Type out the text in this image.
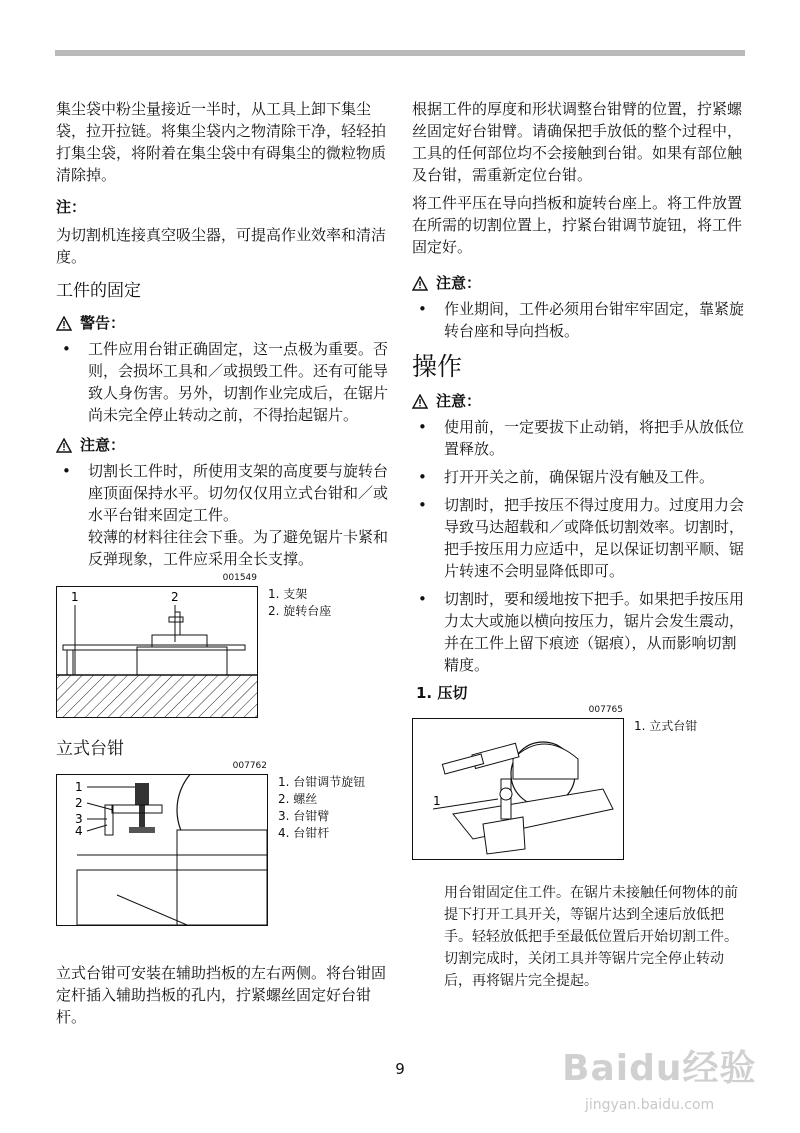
集尘袋中粉尘量接近一半时，从工具上卸下集尘袋，拉开拉链。将集尘袋内之物清除干净，轻轻拍打集尘袋，将附着在集尘袋中有碍集尘的微粒物质清除掉。

注：

为切割机连接真空吸尘器，可提高作业效率和清洁度。

工件的固定
警告：
• 工件应用台钳正确固定，这一点极为重要。否则，会损坏工具和／或损毁工件。还有可能导致人身伤害。另外，切割作业完成后，在锯片尚未完全停止转动之前，不得抬起锯片。
注意：
• 切割长工件时，所使用支架的高度要与旋转台座顶面保持水平。切勿仅仅用立式台钳和／或水平台钳来固定工件。
较薄的材料往往会下垂。为了避免锯片卡紧和反弹现象，工件应采用全长支撑。
001549
1	2	1. 支架
2. 旋转台座
立式台钳
007762
1
2
3
4
1. 台钳调节旋钮
2. 螺丝
3. 台钳臂
4. 台钳杆

立式台钳可安装在辅助挡板的左右两侧。将台钳固定杆插入辅助挡板的孔内，拧紧螺丝固定好台钳杆。

根据工件的厚度和形状调整台钳臂的位置，拧紧螺丝固定好台钳臂。请确保把手放低的整个过程中，工具的任何部位均不会接触到台钳。如果有部位触及台钳，需重新定位台钳。

将工件平压在导向挡板和旋转台座上。将工件放置在所需的切割位置上，拧紧台钳调节旋钮，将工件固定好。

注意：
• 作业期间，工件必须用台钳牢牢固定，靠紧旋转台座和导向挡板。
操作
注意：
• 使用前，一定要拔下止动销，将把手从放低位置释放。
• 打开开关之前，确保锯片没有触及工件。
• 切割时，把手按压不得过度用力。过度用力会导致马达超载和／或降低切割效率。切割时，把手按压用力应适中，足以保证切割平顺、锯片转速不会明显降低即可。
• 切割时，要和缓地按下把手。如果把手按压用力太大或施以横向按压力，锯片会发生震动，并在工件上留下痕迹（锯痕），从而影响切割精度。
1. 压切
007765
1
1. 立式台钳

用台钳固定住工件。在锯片未接触任何物体的前提下打开工具开关，等锯片达到全速后放低把手。轻轻放低把手至最低位置后开始切割工件。切割完成时，关闭工具并等锯片完全停止转动后，再将锯片完全提起。

9	Baidu经验
jingyan.baidu.com
